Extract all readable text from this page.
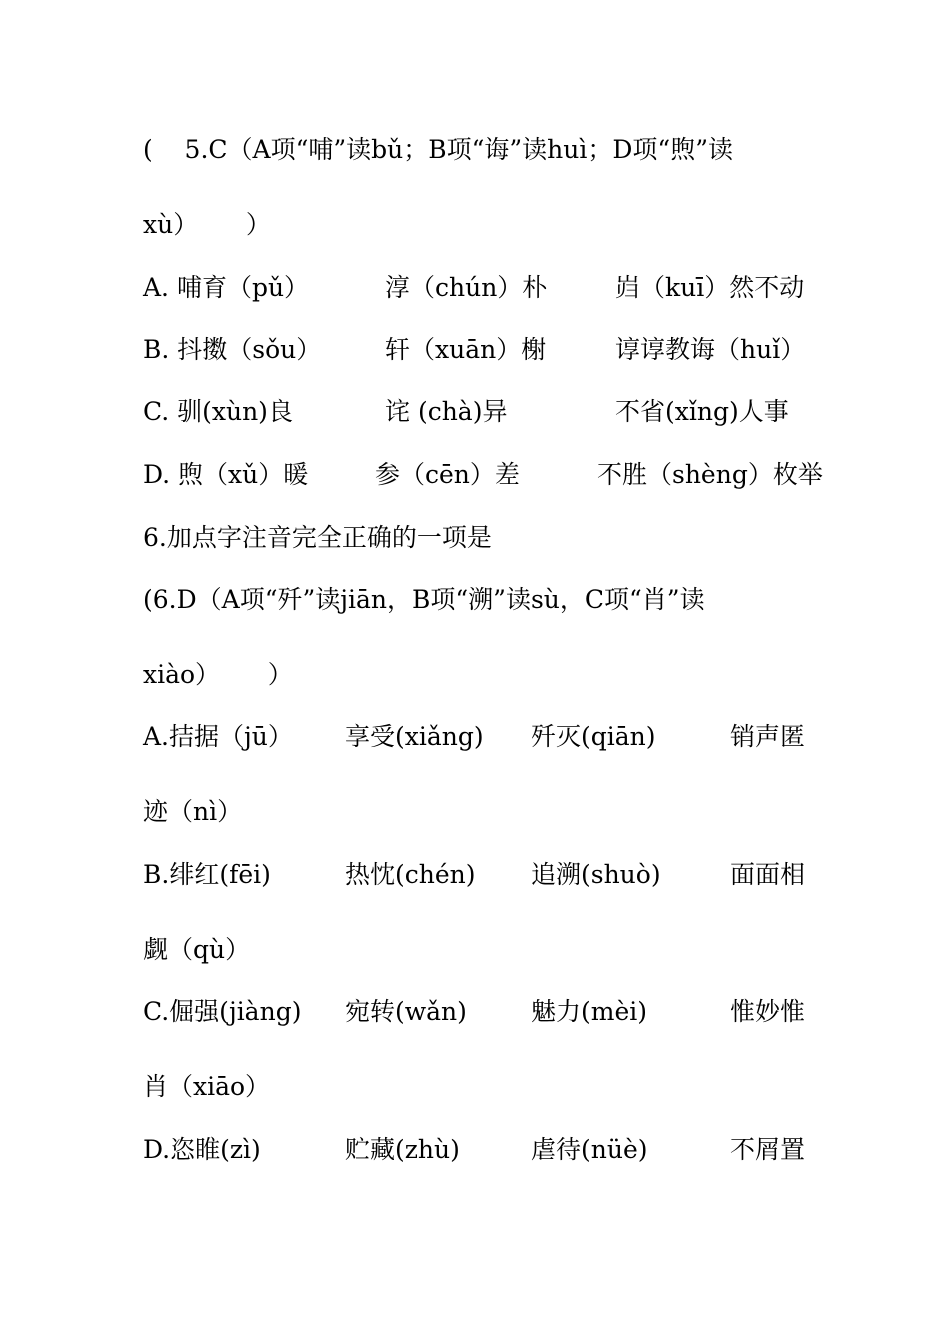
(    5.C（A项“哺”读bǔ；B项“诲”读huì；D项“煦”读
xù）      ）
A. 哺育（pǔ）	淳（chún）朴	岿（kuī）然不动
B. 抖擞（sǒu）	轩（xuān）榭	谆谆教诲（huǐ）
C. 驯(xùn)良	诧 (chà)异	不省(xǐng)人事
D. 煦（xǔ）暖	参（cēn）差	不胜（shèng）枚举
6.加点字注音完全正确的一项是
(6.D（A项“歼”读jiān，B项“溯”读sù，C项“肖”读
xiào）      ）
A.拮据（jū） 享受(xiǎng) 歼灭(qiān)	销声匿
迹（nì）
B.绯红(fēi)	热忱(chén) 追溯(shuò)	面面相
觑（qù）
C.倔强(jiàng) 宛转(wǎn)	魅力(mèi)	惟妙惟
肖（xiāo）
D.恣睢(zì)	贮藏(zhù)	虐待(nüè)	不屑置
